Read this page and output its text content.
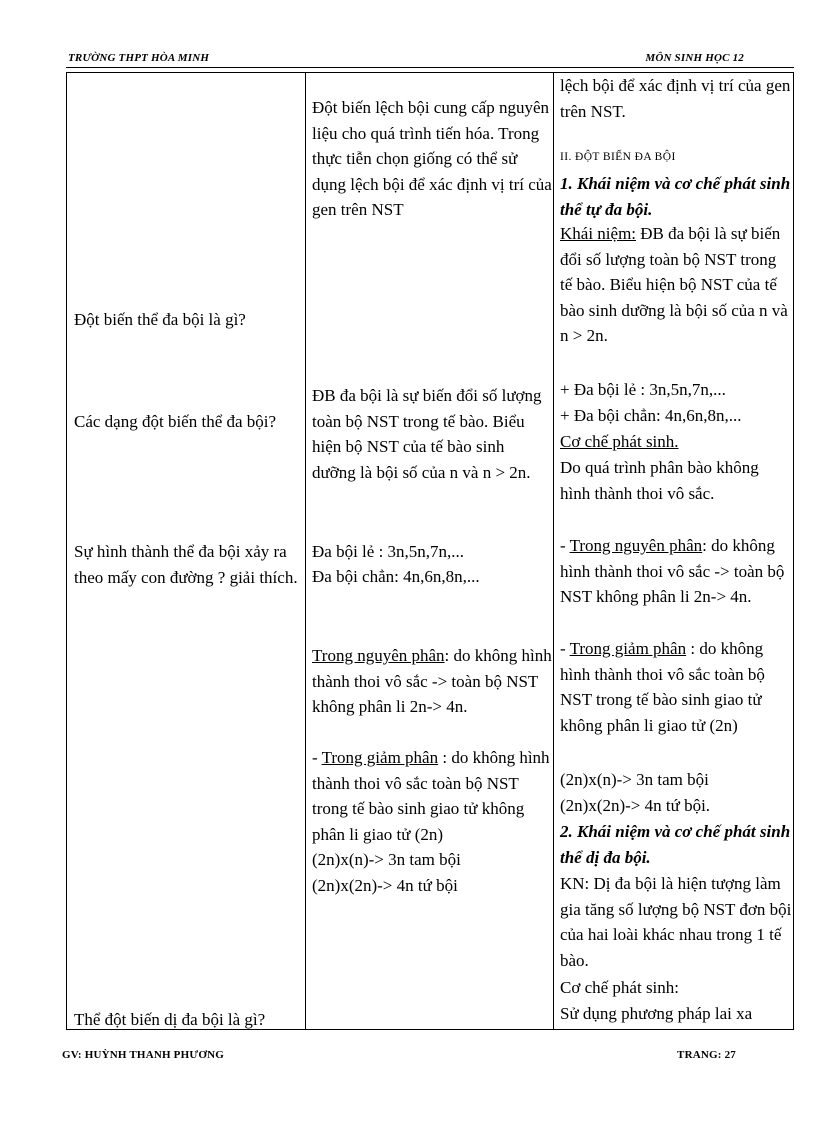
TRƯỜNG THPT HÒA MINH	MÔN SINH HỌC 12

Đột biến thể đa bội là gì?

Các dạng đột biến thể đa bội?

Sự hình thành thể đa bội xảy ra theo mấy con đường ? giải thích.

Thể đột biến dị đa bội là gì?

Đột biến lệch bội cung cấp nguyên liệu cho quá trình tiến hóa. Trong thực tiễn chọn giống có thể sử dụng lệch bội để xác định vị trí của gen trên NST

ĐB đa bội là sự biến đổi số lượng toàn bộ NST trong tế bào. Biểu hiện bộ NST của tế bào sinh dưỡng là bội số của n và n > 2n.

Đa bội lẻ : 3n,5n,7n,...

Đa bội chẳn: 4n,6n,8n,...

Trong nguyên phân: do không hình thành thoi vô sắc -> toàn bộ NST không phân li 2n-> 4n.

- Trong giảm phân : do không hình thành thoi vô sắc toàn bộ NST trong tế bào sinh giao tử không phân li giao tử (2n)

(2n)x(n)-> 3n tam bội

(2n)x(2n)-> 4n tứ bội

lệch bội để xác định vị trí của gen trên NST.

II. ĐỘT BIẾN ĐA BỘI

1. Khái niệm và cơ chế phát sinh thể tự đa bội.

Khái niệm: ĐB đa bội là sự biến đổi số lượng toàn bộ NST trong tế bào. Biểu hiện bộ NST của tế bào sinh dưỡng là bội số của n và n > 2n.

+ Đa bội lẻ : 3n,5n,7n,...

+ Đa bội chẳn: 4n,6n,8n,...

Cơ chế phát sinh.

Do quá trình phân bào không hình thành thoi vô sắc.

- Trong nguyên phân: do không hình thành thoi vô sắc -> toàn bộ NST không phân li 2n-> 4n.

- Trong giảm phân : do không hình thành thoi vô sắc toàn bộ NST trong tế bào sinh giao tử không phân li giao tử (2n)

(2n)x(n)-> 3n tam bội

(2n)x(2n)-> 4n tứ bội.

2. Khái niệm và cơ chế phát sinh thể dị đa bội.

KN: Dị đa bội là hiện tượng làm gia tăng số lượng bộ NST đơn bội của hai loài khác nhau trong 1 tế bào.

Cơ chế phát sinh:

Sử dụng phương pháp lai xa

GV: HUỲNH THANH PHƯƠNG	TRANG: 27
